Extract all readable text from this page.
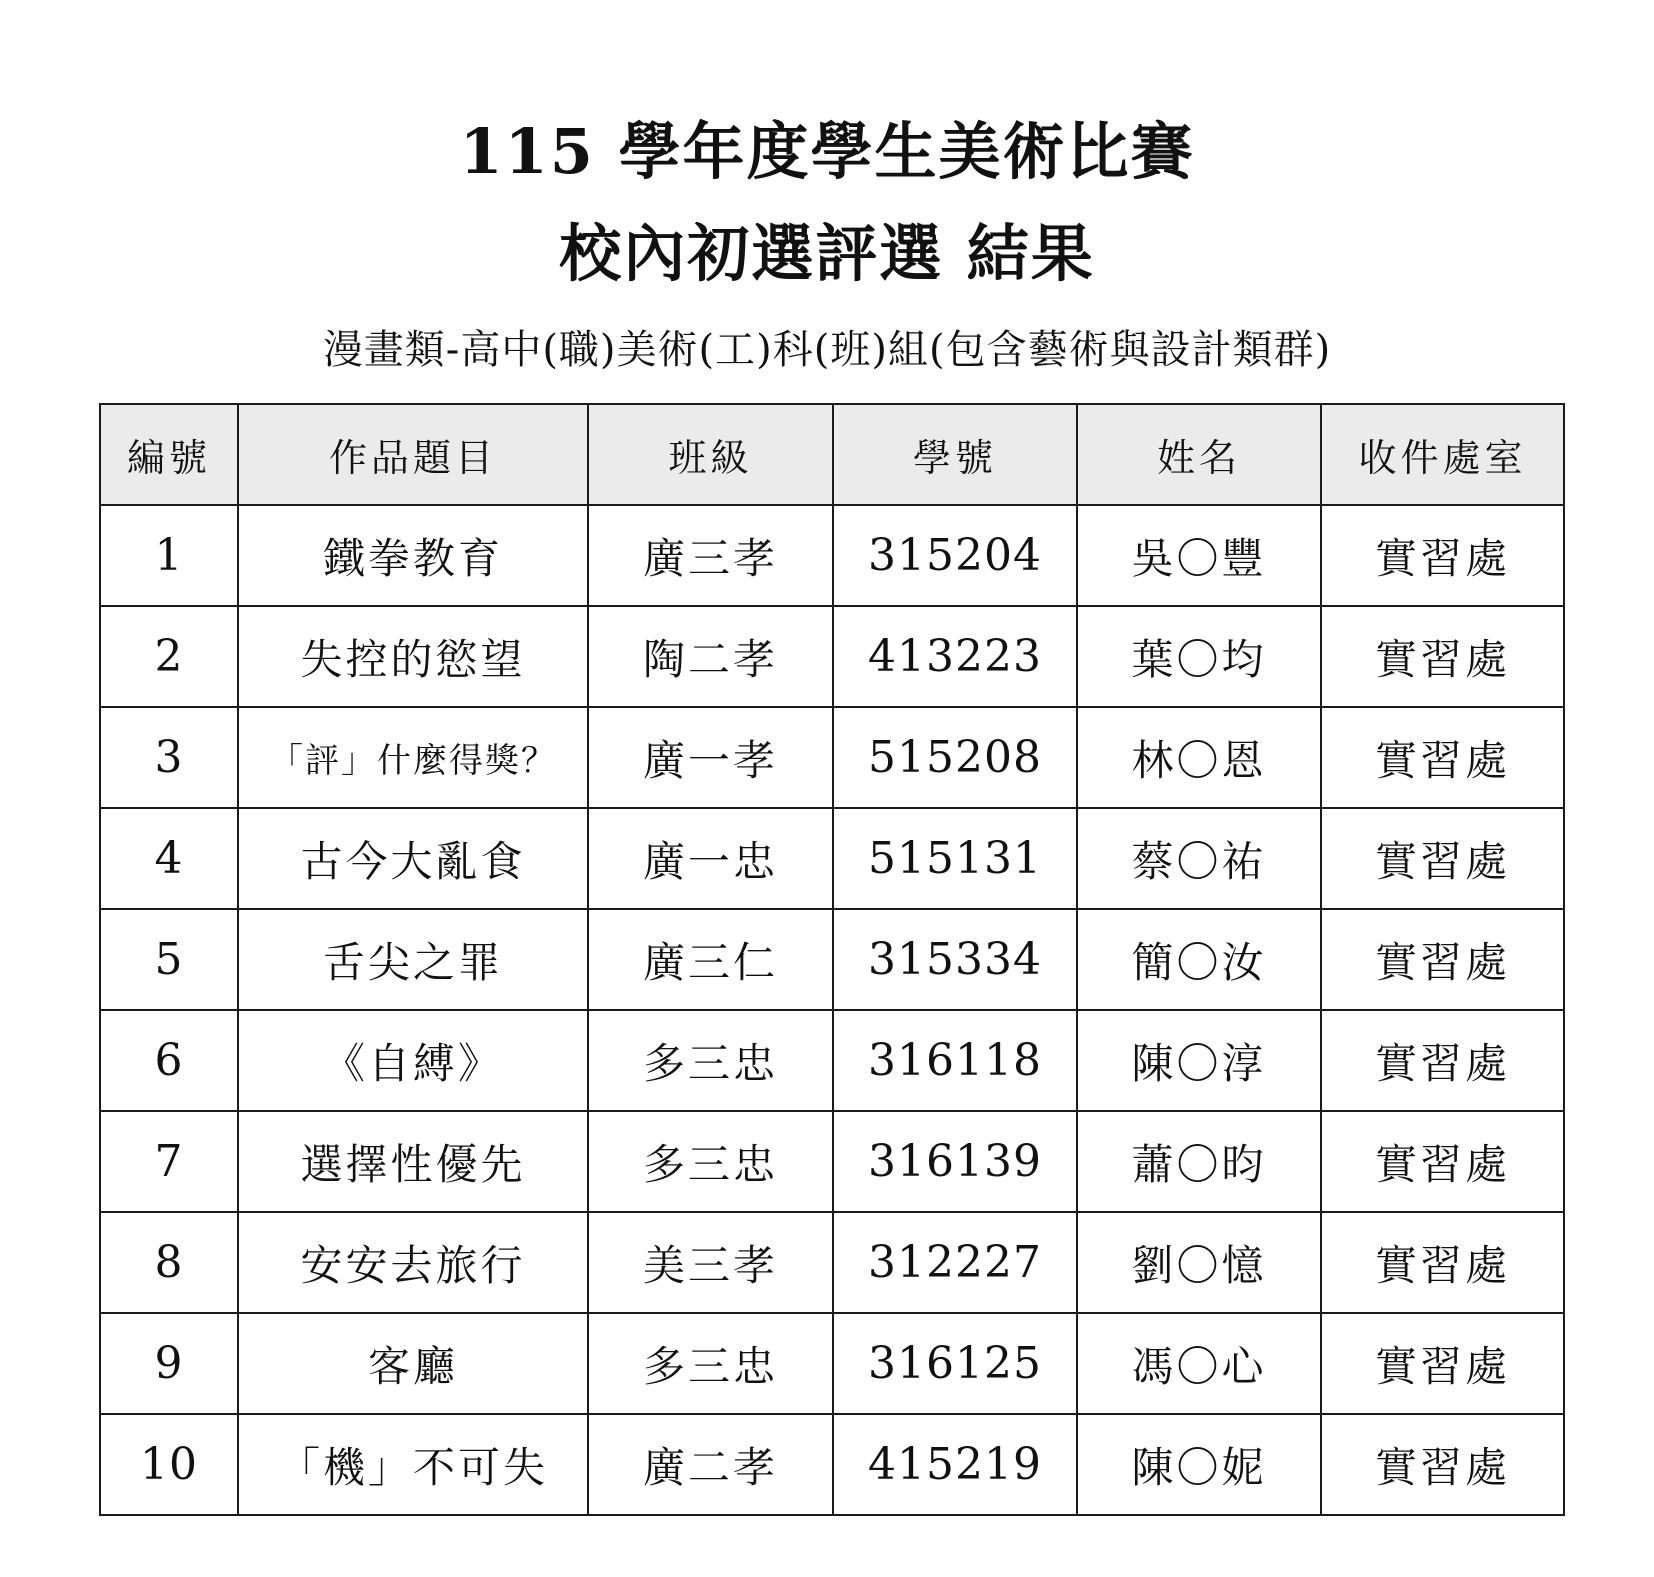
115 學年度學生美術比賽
校內初選評選 結果

漫畫類-高中(職)美術(工)科(班)組(包含藝術與設計類群)

編號	作品題目	班級	學號	姓名	收件處室
1	鐵拳教育	廣三孝	315204	吳〇豐	實習處
2	失控的慾望	陶二孝	413223	葉〇均	實習處
3	「評」什麼得獎？	廣一孝	515208	林〇恩	實習處
4	古今大亂食	廣一忠	515131	蔡〇祐	實習處
5	舌尖之罪	廣三仁	315334	簡〇汝	實習處
6	《自縛》	多三忠	316118	陳〇淳	實習處
7	選擇性優先	多三忠	316139	蕭〇昀	實習處
8	安安去旅行	美三孝	312227	劉〇憶	實習處
9	客廳	多三忠	316125	馮〇心	實習處
10	「機」不可失	廣二孝	415219	陳〇妮	實習處
